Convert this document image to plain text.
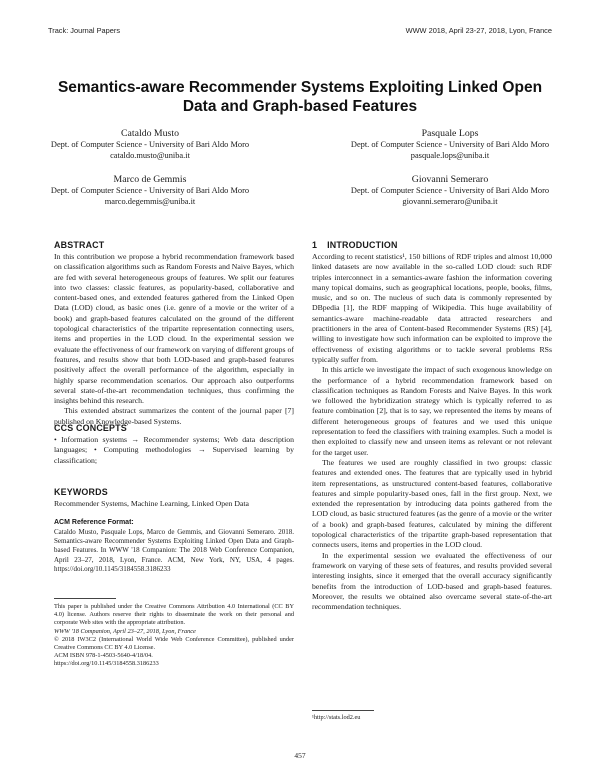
Track: Journal Papers	WWW 2018, April 23-27, 2018, Lyon, France
Semantics-aware Recommender Systems Exploiting Linked Open Data and Graph-based Features
Cataldo Musto
Dept. of Computer Science - University of Bari Aldo Moro
cataldo.musto@uniba.it
Pasquale Lops
Dept. of Computer Science - University of Bari Aldo Moro
pasquale.lops@uniba.it
Marco de Gemmis
Dept. of Computer Science - University of Bari Aldo Moro
marco.degemmis@uniba.it
Giovanni Semeraro
Dept. of Computer Science - University of Bari Aldo Moro
giovanni.semeraro@uniba.it
ABSTRACT

In this contribution we propose a hybrid recommendation framework based on classification algorithms such as Random Forests and Naive Bayes, which are fed with several heterogeneous groups of features. We split our features into two classes: classic features, as popularity-based, collaborative and content-based ones, and extended features gathered from the Linked Open Data (LOD) cloud, as basic ones (i.e. genre of a movie or the writer of a book) and graph-based features calculated on the ground of the different topological characteristics of the tripartite representation connecting users, items and properties in the LOD cloud. In the experimental session we evaluate the effectiveness of our framework on varying of different groups of features, and results show that both LOD-based and graph-based features positively affect the overall performance of the algorithm, especially in highly sparse recommendation scenarios. Our approach also outperforms several state-of-the-art recommendation techniques, thus confirming the insights behind this research.

This extended abstract summarizes the content of the journal paper [7] published on Knowledge-based Systems.

CCS CONCEPTS
• Information systems → Recommender systems; Web data description languages; • Computing methodologies → Supervised learning by classification;
KEYWORDS
Recommender Systems, Machine Learning, Linked Open Data
ACM Reference Format:
Cataldo Musto, Pasquale Lops, Marco de Gemmis, and Giovanni Semeraro. 2018. Semantics-aware Recommender Systems Exploiting Linked Open Data and Graph-based Features. In WWW '18 Companion: The 2018 Web Conference Companion, April 23–27, 2018, Lyon, France. ACM, New York, NY, USA, 4 pages. https://doi.org/10.1145/3184558.3186233

This paper is published under the Creative Commons Attribution 4.0 International (CC BY 4.0) license. Authors reserve their rights to disseminate the work on their personal and corporate Web sites with the appropriate attribution.

WWW '18 Companion, April 23–27, 2018, Lyon, France

© 2018 IW3C2 (International World Wide Web Conference Committee), published under Creative Commons CC BY 4.0 License.

ACM ISBN 978-1-4503-5640-4/18/04.

https://doi.org/10.1145/3184558.3186233

1 INTRODUCTION

According to recent statistics¹, 150 billions of RDF triples and almost 10,000 linked datasets are now available in the so-called LOD cloud: such RDF triples interconnect in a semantics-aware fashion the information covering many topical domains, such as geographical locations, people, books, films, music, and so on. The nucleus of such data is commonly represented by DBpedia [1], the RDF mapping of Wikipedia. This huge availability of semantics-aware machine-readable data attracted researchers and practitioners in the area of Content-based Recommender Systems (RS) [4], willing to investigate how such information can be exploited to improve the effectiveness of existing algorithms or to tackle several problems RSs typically suffer from.

In this article we investigate the impact of such exogenous knowledge on the performance of a hybrid recommendation framework based on classification techniques as Random Forests and Naive Bayes. In this work we followed the hybridization strategy which is typically referred to as feature combination [2], that is to say, we represented the items by means of different heterogeneous groups of features and we used this unique representation to feed the classifiers with training examples. Such a model is then exploited to classify new and unseen items as relevant or not relevant for the target user.

The features we used are roughly classified in two groups: classic features and extended ones. The features that are typically used in hybrid item representations, as unstructured content-based features, collaborative features and simple popularity-based ones, fall in the first group. Next, we extended the representation by introducing data points gathered from the LOD cloud, as basic structured features (as the genre of a movie or the writer of a book) and graph-based features, calculated by mining the different topological characteristics of the tripartite graph-based representation that connects users, items and properties in the LOD cloud.

In the experimental session we evaluated the effectiveness of our framework on varying of these sets of features, and results provided several interesting insights, since it emerged that the overall accuracy significantly benefits from the introduction of LOD-based and graph-based features. Moreover, the results we obtained also overcame several state-of-the-art recommendation techniques.

¹http://stats.lod2.eu
457
